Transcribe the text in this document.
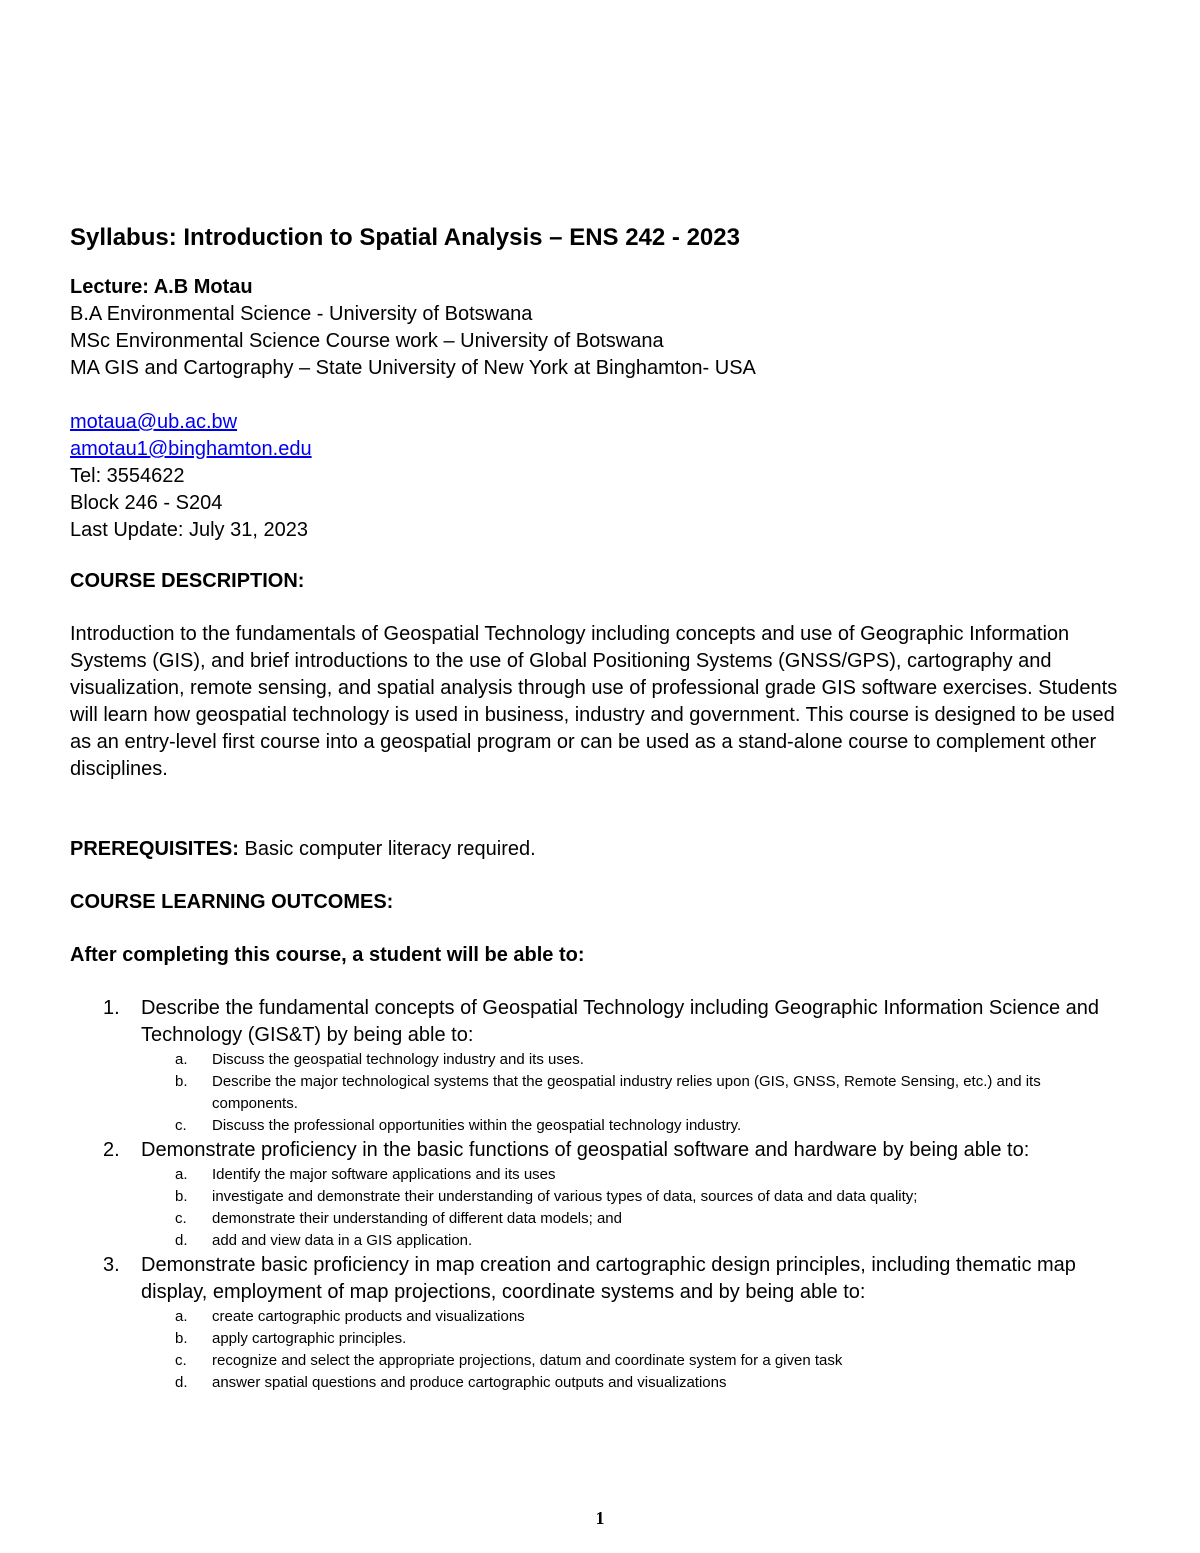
Syllabus: Introduction to Spatial Analysis – ENS 242 - 2023
Lecture: A.B Motau
B.A Environmental Science - University of Botswana
MSc Environmental Science Course work – University of Botswana
MA GIS and Cartography – State University of New York at Binghamton- USA
motaua@ub.ac.bw
amotau1@binghamton.edu
Tel: 3554622
Block 246 - S204
Last Update: July 31, 2023
COURSE DESCRIPTION:
Introduction to the fundamentals of Geospatial Technology including concepts and use of Geographic Information Systems (GIS), and brief introductions to the use of Global Positioning Systems (GNSS/GPS), cartography and visualization, remote sensing, and spatial analysis through use of professional grade GIS software exercises. Students will learn how geospatial technology is used in business, industry and government. This course is designed to be used as an entry-level first course into a geospatial program or can be used as a stand-alone course to complement other disciplines.
PREREQUISITES: Basic computer literacy required.
COURSE LEARNING OUTCOMES:
After completing this course, a student will be able to:
1. Describe the fundamental concepts of Geospatial Technology including Geographic Information Science and Technology (GIS&T) by being able to:
a. Discuss the geospatial technology industry and its uses.
b. Describe the major technological systems that the geospatial industry relies upon (GIS, GNSS, Remote Sensing, etc.) and its components.
c. Discuss the professional opportunities within the geospatial technology industry.
2. Demonstrate proficiency in the basic functions of geospatial software and hardware by being able to:
a. Identify the major software applications and its uses
b. investigate and demonstrate their understanding of various types of data, sources of data and data quality;
c. demonstrate their understanding of different data models; and
d. add and view data in a GIS application.
3. Demonstrate basic proficiency in map creation and cartographic design principles, including thematic map display, employment of map projections, coordinate systems and by being able to:
a. create cartographic products and visualizations
b. apply cartographic principles.
c. recognize and select the appropriate projections, datum and coordinate system for a given task
d. answer spatial questions and produce cartographic outputs and visualizations
1
